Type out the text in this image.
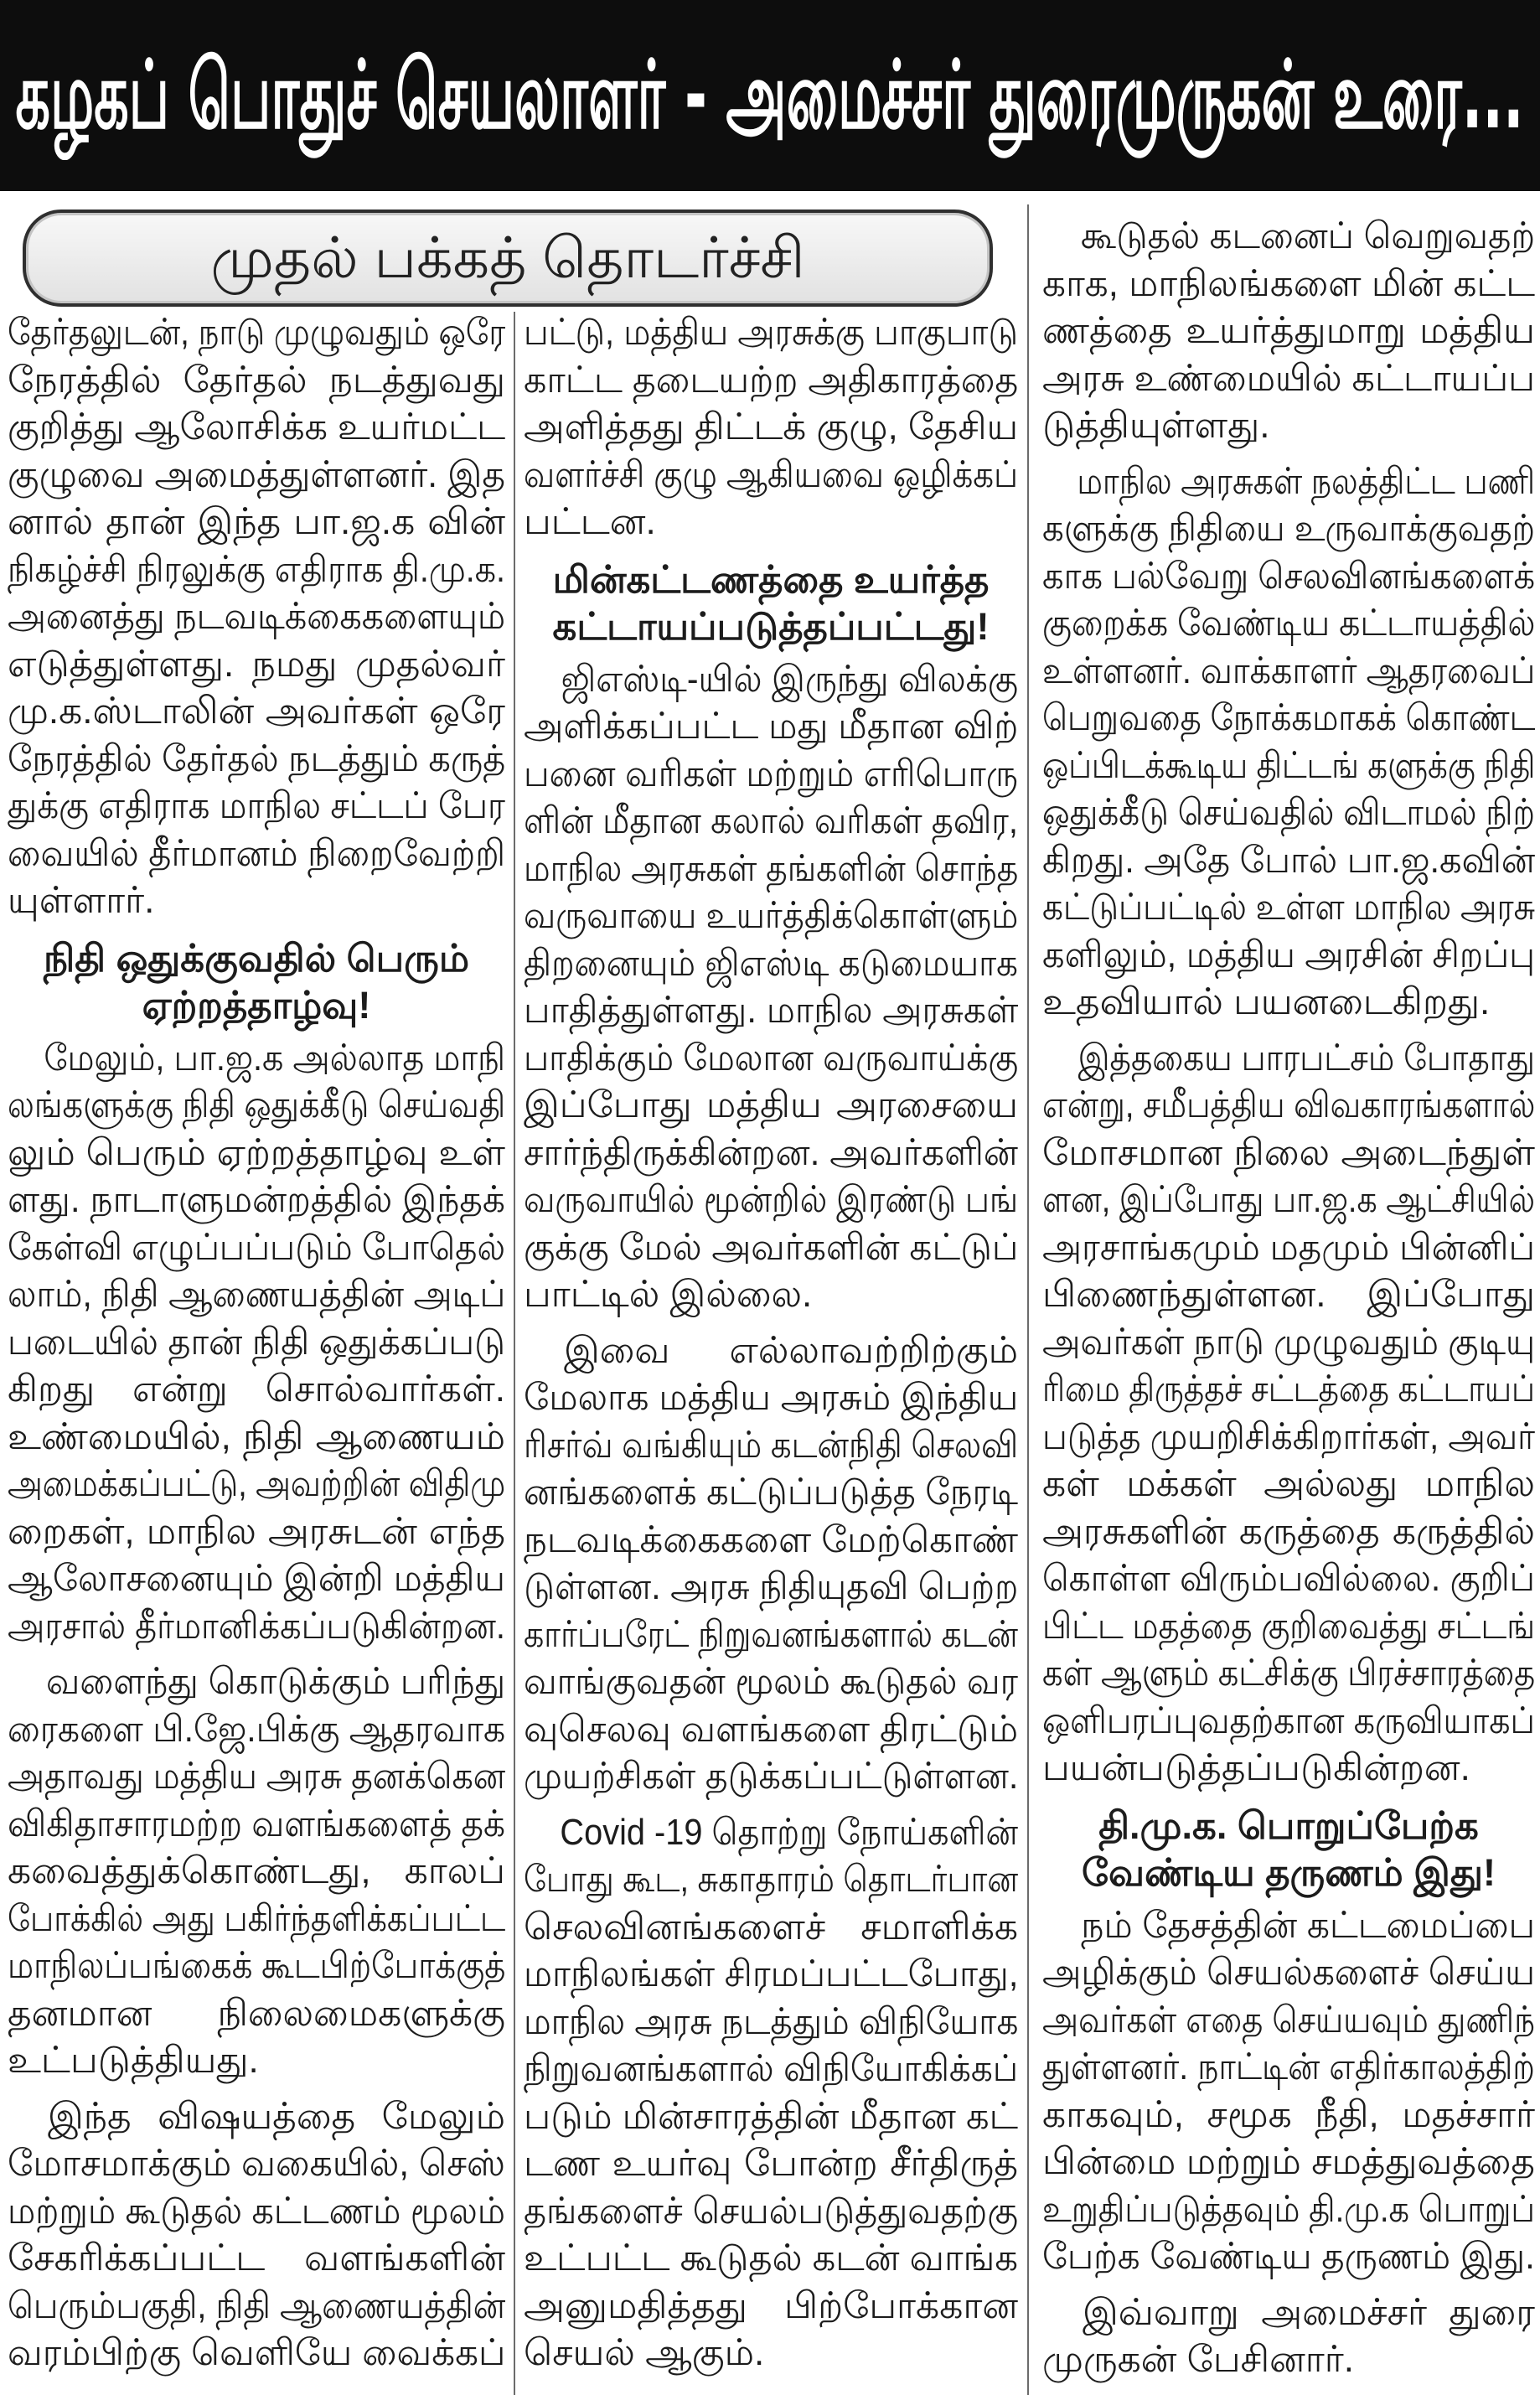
கழகப் பொதுச் செயலாளர் - அமைச்சர் துரைமுருகன் உரை...
முதல் பக்கத் தொடர்ச்சி
தேர்தலுடன், நாடு முழுவதும் ஒரே
நேரத்தில் தேர்தல் நடத்துவது
குறித்து ஆலோசிக்க உயர்மட்ட
குழுவை அமைத்துள்ளனர். இத
னால் தான் இந்த பா.ஜ.க வின்
நிகழ்ச்சி நிரலுக்கு எதிராக தி.மு.க.
அனைத்து நடவடிக்கைகளையும்
எடுத்துள்ளது. நமது முதல்வர்
மு.க.ஸ்டாலின் அவர்கள் ஒரே
நேரத்தில் தேர்தல் நடத்தும் கருத்
துக்கு எதிராக மாநில சட்டப் பேர
வையில் தீர்மானம் நிறைவேற்றி
யுள்ளார்.
நிதி ஒதுக்குவதில் பெரும்
ஏற்றத்தாழ்வு!
மேலும், பா.ஜ.க அல்லாத மாநி
லங்களுக்கு நிதி ஒதுக்கீடு செய்வதி
லும் பெரும் ஏற்றத்தாழ்வு உள்
ளது. நாடாளுமன்றத்தில் இந்தக்
கேள்வி எழுப்பப்படும் போதெல்
லாம், நிதி ஆணையத்தின் அடிப்
படையில் தான் நிதி ஒதுக்கப்படு
கிறது என்று சொல்வார்கள்.
உண்மையில், நிதி ஆணையம்
அமைக்கப்பட்டு, அவற்றின் விதிமு
றைகள், மாநில அரசுடன் எந்த
ஆலோசனையும் இன்றி மத்திய
அரசால் தீர்மானிக்கப்படுகின்றன.
வளைந்து கொடுக்கும் பரிந்து
ரைகளை பி.ஜே.பிக்கு ஆதரவாக
அதாவது மத்திய அரசு தனக்கென
விகிதாசாரமற்ற வளங்களைத் தக்
கவைத்துக்கொண்டது, காலப்
போக்கில் அது பகிர்ந்தளிக்கப்பட்ட
மாநிலப்பங்கைக் கூடபிற்போக்குத்
தனமான நிலைமைகளுக்கு
உட்படுத்தியது.
இந்த விஷயத்தை மேலும்
மோசமாக்கும் வகையில், செஸ்
மற்றும் கூடுதல் கட்டணம் மூலம்
சேகரிக்கப்பட்ட வளங்களின்
பெரும்பகுதி, நிதி ஆணையத்தின்
வரம்பிற்கு வெளியே வைக்கப்
பட்டு, மத்திய அரசுக்கு பாகுபாடு
காட்ட தடையற்ற அதிகாரத்தை
அளித்தது திட்டக் குழு, தேசிய
வளர்ச்சி குழு ஆகியவை ஒழிக்கப்
பட்டன.
மின்கட்டணத்தை உயர்த்த
கட்டாயப்படுத்தப்பட்டது!
ஜிஎஸ்டி-யில் இருந்து விலக்கு
அளிக்கப்பட்ட மது மீதான விற்
பனை வரிகள் மற்றும் எரிபொரு
ளின் மீதான கலால் வரிகள் தவிர,
மாநில அரசுகள் தங்களின் சொந்த
வருவாயை உயர்த்திக்கொள்ளும்
திறனையும் ஜிஎஸ்டி கடுமையாக
பாதித்துள்ளது. மாநில அரசுகள்
பாதிக்கும் மேலான வருவாய்க்கு
இப்போது மத்திய அரசையை
சார்ந்திருக்கின்றன. அவர்களின்
வருவாயில் மூன்றில் இரண்டு பங்
குக்கு மேல் அவர்களின் கட்டுப்
பாட்டில் இல்லை.
இவை எல்லாவற்றிற்கும்
மேலாக மத்திய அரசும் இந்திய
ரிசர்வ் வங்கியும் கடன்நிதி செலவி
னங்களைக் கட்டுப்படுத்த நேரடி
நடவடிக்கைகளை மேற்கொண்
டுள்ளன. அரசு நிதியுதவி பெற்ற
கார்ப்பரேட் நிறுவனங்களால் கடன்
வாங்குவதன் மூலம் கூடுதல் வர
வுசெலவு வளங்களை திரட்டும்
முயற்சிகள் தடுக்கப்பட்டுள்ளன.
Covid -19 தொற்று நோய்களின்
போது கூட, சுகாதாரம் தொடர்பான
செலவினங்களைச் சமாளிக்க
மாநிலங்கள் சிரமப்பட்டபோது,
மாநில அரசு நடத்தும் விநியோக
நிறுவனங்களால் விநியோகிக்கப்
படும் மின்சாரத்தின் மீதான கட்
டண உயர்வு போன்ற சீர்திருத்
தங்களைச் செயல்படுத்துவதற்கு
உட்பட்ட கூடுதல் கடன் வாங்க
அனுமதித்தது பிற்போக்கான
செயல் ஆகும்.
கூடுதல் கடனைப் வெறுவதற்
காக, மாநிலங்களை மின் கட்ட
ணத்தை உயர்த்துமாறு மத்திய
அரசு உண்மையில் கட்டாயப்ப
டுத்தியுள்ளது.
மாநில அரசுகள் நலத்திட்ட பணி
களுக்கு நிதியை உருவாக்குவதற்
காக பல்வேறு செலவினங்களைக்
குறைக்க வேண்டிய கட்டாயத்தில்
உள்ளனர். வாக்காளர் ஆதரவைப்
பெறுவதை நோக்கமாகக் கொண்ட
ஒப்பிடக்கூடிய திட்டங் களுக்கு நிதி
ஒதுக்கீடு செய்வதில் விடாமல் நிற்
கிறது. அதே போல் பா.ஜ.கவின்
கட்டுப்பட்டில் உள்ள மாநில அரசு
களிலும், மத்திய அரசின் சிறப்பு
உதவியால் பயனடைகிறது.
இத்தகைய பாரபட்சம் போதாது
என்று, சமீபத்திய விவகாரங்களால்
மோசமான நிலை அடைந்துள்
ளன, இப்போது பா.ஜ.க ஆட்சியில்
அரசாங்கமும் மதமும் பின்னிப்
பிணைந்துள்ளன. இப்போது
அவர்கள் நாடு முழுவதும் குடியு
ரிமை திருத்தச் சட்டத்தை கட்டாயப்
படுத்த முயறிசிக்கிறார்கள், அவர்
கள் மக்கள் அல்லது மாநில
அரசுகளின் கருத்தை கருத்தில்
கொள்ள விரும்பவில்லை. குறிப்
பிட்ட மதத்தை குறிவைத்து சட்டங்
கள் ஆளும் கட்சிக்கு பிரச்சாரத்தை
ஒளிபரப்புவதற்கான கருவியாகப்
பயன்படுத்தப்படுகின்றன.
தி.மு.க. பொறுப்பேற்க
வேண்டிய தருணம் இது!
நம் தேசத்தின் கட்டமைப்பை
அழிக்கும் செயல்களைச் செய்ய
அவர்கள் எதை செய்யவும் துணிந்
துள்ளனர். நாட்டின் எதிர்காலத்திற்
காகவும், சமூக நீதி, மதச்சார்
பின்மை மற்றும் சமத்துவத்தை
உறுதிப்படுத்தவும் தி.மு.க பொறுப்
பேற்க வேண்டிய தருணம் இது.
இவ்வாறு அமைச்சர் துரை
முருகன் பேசினார்.
